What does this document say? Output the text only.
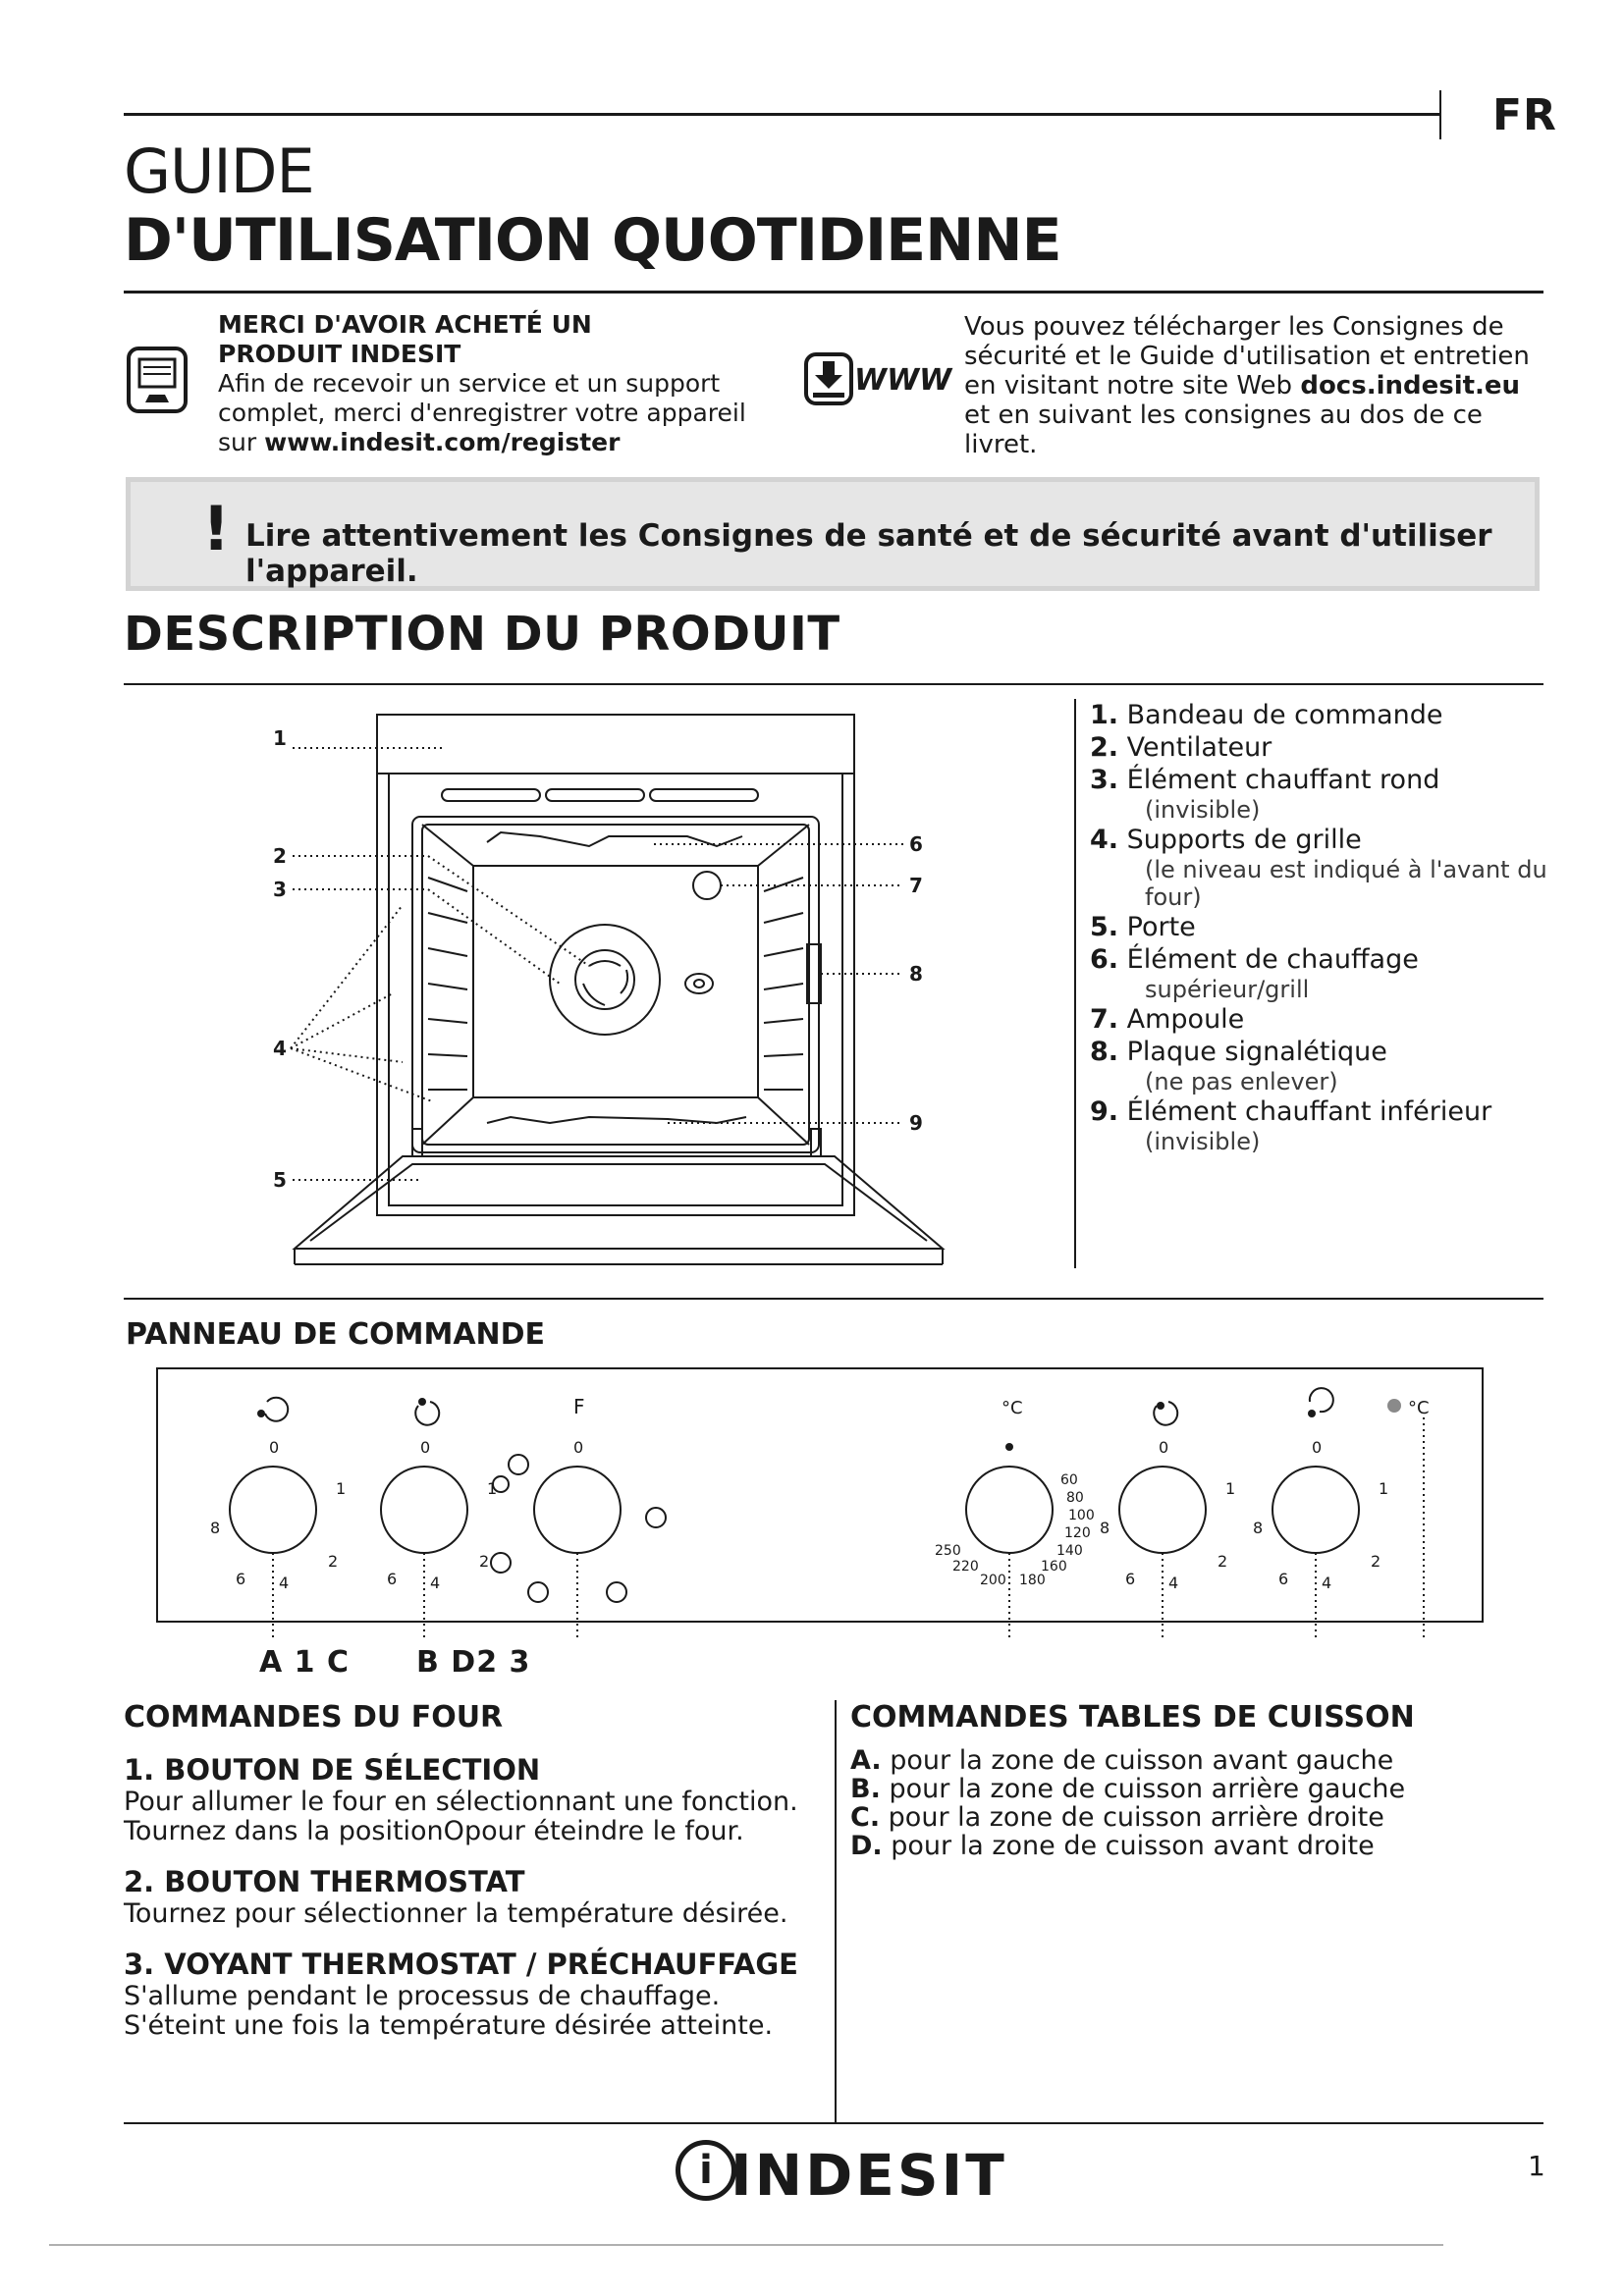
FR
GUIDE
D'UTILISATION QUOTIDIENNE
MERCI D'AVOIR ACHETÉ UN
PRODUIT INDESIT
Afin de recevoir un service et un support complet, merci d'enregistrer votre appareil sur www.indesit.com/register
WWW
Vous pouvez télécharger les Consignes de sécurité et le Guide d'utilisation et entretien en visitant notre site Web docs.indesit.eu et en suivant les consignes au dos de ce livret.
! Lire attentivement les Consignes de santé et de sécurité avant d'utiliser l'appareil.
DESCRIPTION DU PRODUIT
1
2
3
4
5
6
7
8
9
1. Bandeau de commande
2. Ventilateur
3. Élément chauffant rond
(invisible)
4. Supports de grille
(le niveau est indiqué à l'avant du four)
5. Porte
6. Élément de chauffage
supérieur/grill
7. Ampoule
8. Plaque signalétique
(ne pas enlever)
9. Élément chauffant inférieur
(invisible)
PANNEAU DE COMMANDE
F	°C	°C
0	0	0	0	0
1
2
4
6
8
1
2
4
6
1
2
4
6
8
1
2
4
6
8
60
80
100
120
140
160
180
200
220
250
A 1 C B D2 3
COMMANDES DU FOUR
1. BOUTON DE SÉLECTION

Pour allumer le four en sélectionnant une fonction. Tournez dans la positionOpour éteindre le four.

2. BOUTON THERMOSTAT

Tournez pour sélectionner la température désirée.

3. VOYANT THERMOSTAT / PRÉCHAUFFAGE

S'allume pendant le processus de chauffage. S'éteint une fois la température désirée atteinte.

COMMANDES TABLES DE CUISSON

A. pour la zone de cuisson avant gauche

B. pour la zone de cuisson arrière gauche

C. pour la zone de cuisson arrière droite

D. pour la zone de cuisson avant droite

i INDESIT	1
